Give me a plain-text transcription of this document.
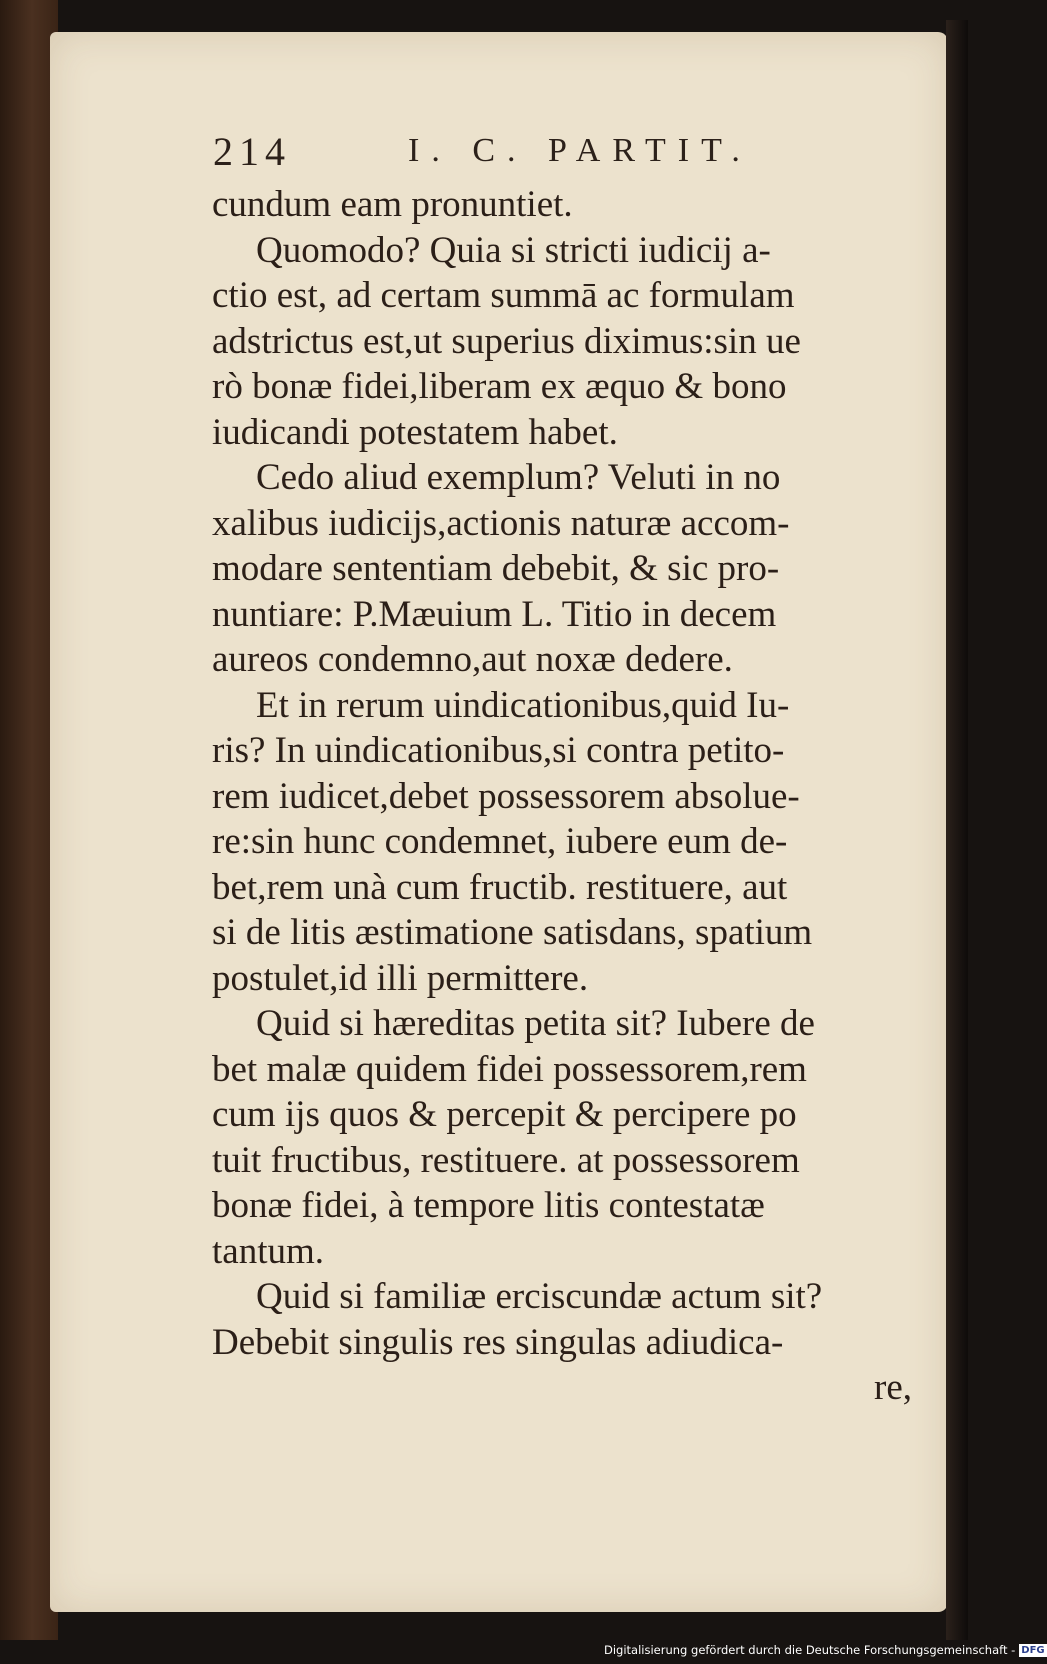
214	I. C. PARTIT.
cundum eam pronuntiet.
Quomodo? Quia si stricti iudicij a-
ctio est, ad certam summā ac formulam
adstrictus est,ut superius diximus:sin ue
rò bonæ fidei,liberam ex æquo & bono
iudicandi potestatem habet.
Cedo aliud exemplum? Veluti in no
xalibus iudicijs,actionis naturæ accom-
modare sententiam debebit, & sic pro-
nuntiare: P.Mæuium L. Titio in decem
aureos condemno,aut noxæ dedere.
Et in rerum uindicationibus,quid Iu-
ris? In uindicationibus,si contra petito-
rem iudicet,debet possessorem absolue-
re:sin hunc condemnet, iubere eum de-
bet,rem unà cum fructib. restituere, aut
si de litis æstimatione satisdans, spatium
postulet,id illi permittere.
Quid si hæreditas petita sit? Iubere de
bet malæ quidem fidei possessorem,rem
cum ijs quos & percepit & percipere po
tuit fructibus, restituere. at possessorem
bonæ fidei, à tempore litis contestatæ
tantum.
Quid si familiæ erciscundæ actum sit?
Debebit singulis res singulas adiudica-
re,
Digitalisierung gefördert durch die Deutsche Forschungsgemeinschaft - DFG
